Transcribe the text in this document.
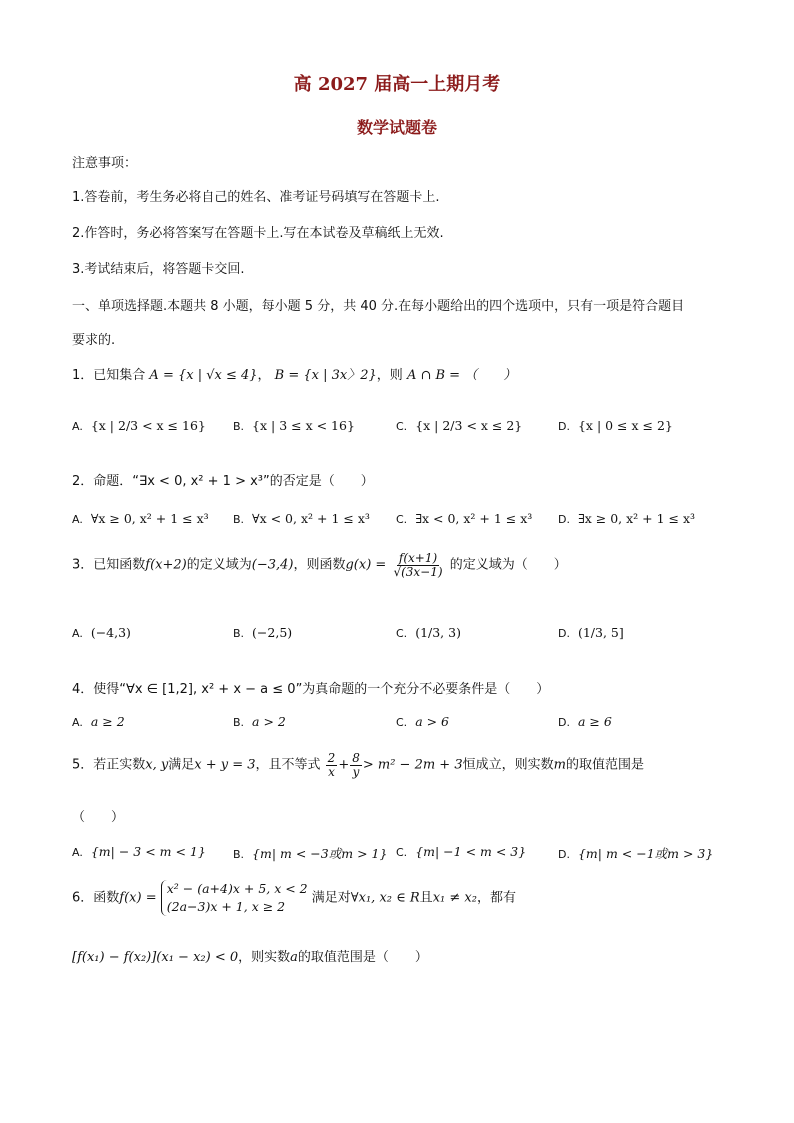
高 2027 届高一上期月考
数学试题卷
注意事项：
1.答卷前，考生务必将自己的姓名、准考证号码填写在答题卡上.
2.作答时，务必将答案写在答题卡上.写在本试卷及草稿纸上无效.
3.考试结束后，将答题卡交回.
一、单项选择题.本题共 8 小题，每小题 5 分，共 40 分.在每小题给出的四个选项中，只有一项是符合题目
要求的.
1．已知集合 A = {x | √x ≤ 4}， B = {x | 3x〉2}，则 A ∩ B = （　　）
A. {x | 2/3 < x ≤ 16} B. {x | 3 ≤ x < 16}	C. {x | 2/3 < x ≤ 2}	D. {x | 0 ≤ x ≤ 2}
2．命题．“∃x < 0, x² + 1 > x³”的否定是（　　）
A. ∀x ≥ 0, x² + 1 ≤ x³ B. ∀x < 0, x² + 1 ≤ x³ C. ∃x < 0, x² + 1 ≤ x³ D. ∃x ≥ 0, x² + 1 ≤ x³
3．已知函数f(x+2)的定义域为(−3,4)，则函数$g(x) = \frac{f(x+1)}{√(3x-1)}$ 的定义域为（　　）
A. (−4,3)	B. (−2,5)	C. (1/3, 3)	D. (1/3, 5]
4．使得“∀x ∈ [1,2], x² + x − a ≤ 0”为真命题的一个充分不必要条件是（　　）
A. a ≥ 2	B. a > 2	C. a > 6	D. a ≥ 6
5．若正实数x, y满足x + y = 3，且不等式 $\frac{2}{x} + \frac{8}{y} > m^2 - 2m + 3$恒成立，则实数m的取值范围是
（　　）
A. {m| − 3 < m < 1} B. {m| m < −3或m > 1} C. {m| −1 < m < 3}	D. {m| m < −1或m > 3}
6．函数f(x) = x² − (a+4)x + 5, x < 2
(2a−3)x + 1, x ≥ 2 满足对∀x₁, x₂ ∈ R且x₁ ≠ x₂，都有
[f(x₁) − f(x₂)](x₁ − x₂) < 0，则实数a的取值范围是（　　）
